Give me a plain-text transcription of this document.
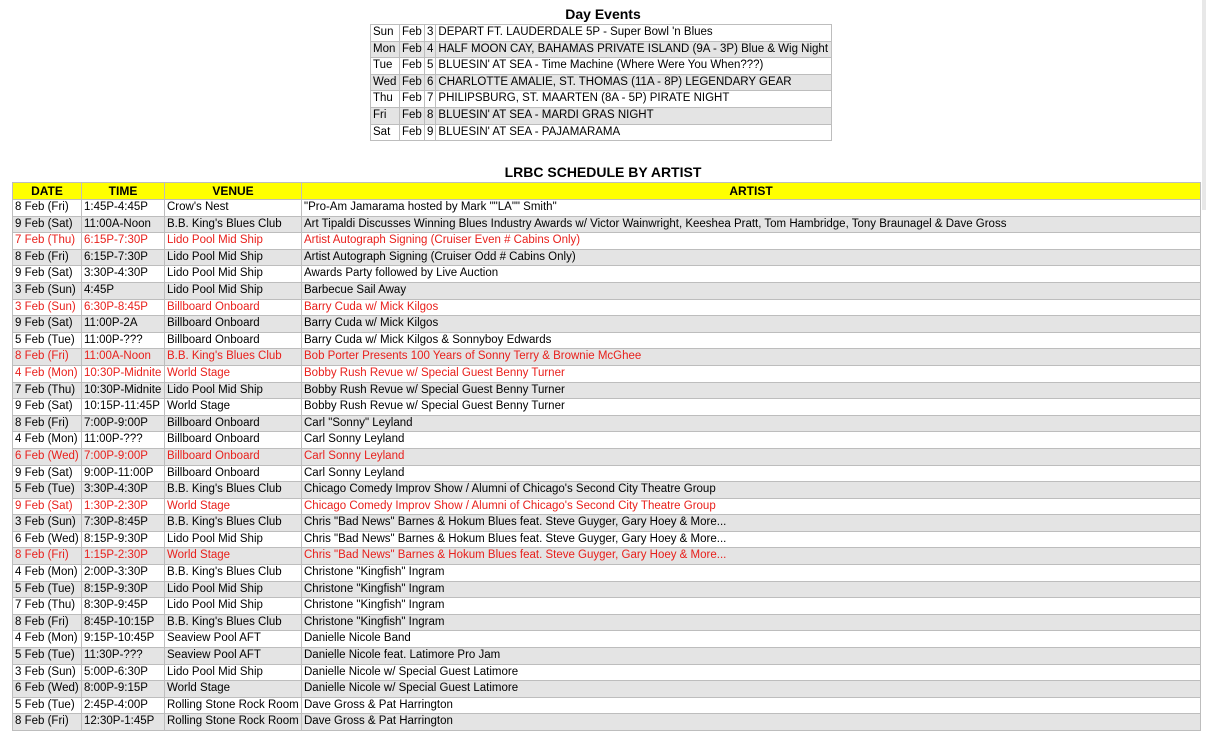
Day Events
Sun	Feb	3	DEPART FT. LAUDERDALE 5P - Super Bowl 'n Blues
Mon	Feb	4	HALF MOON CAY, BAHAMAS PRIVATE ISLAND (9A - 3P) Blue & Wig Night
Tue	Feb	5	BLUESIN' AT SEA - Time Machine (Where Were You When???)
Wed	Feb	6	CHARLOTTE AMALIE, ST. THOMAS (11A - 8P) LEGENDARY GEAR
Thu	Feb	7	PHILIPSBURG, ST. MAARTEN (8A - 5P) PIRATE NIGHT
Fri	Feb	8	BLUESIN' AT SEA - MARDI GRAS NIGHT
Sat	Feb	9	BLUESIN' AT SEA - PAJAMARAMA
LRBC SCHEDULE BY ARTIST
DATE	TIME	VENUE	ARTIST
8 Feb (Fri)	1:45P-4:45P	Crow's Nest	"Pro-Am Jamarama hosted by Mark ""LA"" Smith"
9 Feb (Sat)	11:00A-Noon	B.B. King's Blues Club	Art Tipaldi Discusses Winning Blues Industry Awards w/ Victor Wainwright, Keeshea Pratt, Tom Hambridge, Tony Braunagel & Dave Gross
7 Feb (Thu)	6:15P-7:30P	Lido Pool Mid Ship	Artist Autograph Signing (Cruiser Even # Cabins Only)
8 Feb (Fri)	6:15P-7:30P	Lido Pool Mid Ship	Artist Autograph Signing (Cruiser Odd # Cabins Only)
9 Feb (Sat)	3:30P-4:30P	Lido Pool Mid Ship	Awards Party followed by Live Auction
3 Feb (Sun)	4:45P	Lido Pool Mid Ship	Barbecue Sail Away
3 Feb (Sun)	6:30P-8:45P	Billboard Onboard	Barry Cuda w/ Mick Kilgos
9 Feb (Sat)	11:00P-2A	Billboard Onboard	Barry Cuda w/ Mick Kilgos
5 Feb (Tue)	11:00P-???	Billboard Onboard	Barry Cuda w/ Mick Kilgos & Sonnyboy Edwards
8 Feb (Fri)	11:00A-Noon	B.B. King's Blues Club	Bob Porter Presents 100 Years of Sonny Terry & Brownie McGhee
4 Feb (Mon)	10:30P-Midnite	World Stage	Bobby Rush Revue w/ Special Guest Benny Turner
7 Feb (Thu)	10:30P-Midnite	Lido Pool Mid Ship	Bobby Rush Revue w/ Special Guest Benny Turner
9 Feb (Sat)	10:15P-11:45P	World Stage	Bobby Rush Revue w/ Special Guest Benny Turner
8 Feb (Fri)	7:00P-9:00P	Billboard Onboard	Carl "Sonny" Leyland
4 Feb (Mon)	11:00P-???	Billboard Onboard	Carl Sonny Leyland
6 Feb (Wed)	7:00P-9:00P	Billboard Onboard	Carl Sonny Leyland
9 Feb (Sat)	9:00P-11:00P	Billboard Onboard	Carl Sonny Leyland
5 Feb (Tue)	3:30P-4:30P	B.B. King's Blues Club	Chicago Comedy Improv Show / Alumni of Chicago's Second City Theatre Group
9 Feb (Sat)	1:30P-2:30P	World Stage	Chicago Comedy Improv Show / Alumni of Chicago's Second City Theatre Group
3 Feb (Sun)	7:30P-8:45P	B.B. King's Blues Club	Chris "Bad News" Barnes & Hokum Blues feat. Steve Guyger, Gary Hoey & More...
6 Feb (Wed)	8:15P-9:30P	Lido Pool Mid Ship	Chris "Bad News" Barnes & Hokum Blues feat. Steve Guyger, Gary Hoey & More...
8 Feb (Fri)	1:15P-2:30P	World Stage	Chris "Bad News" Barnes & Hokum Blues feat. Steve Guyger, Gary Hoey & More...
4 Feb (Mon)	2:00P-3:30P	B.B. King's Blues Club	Christone "Kingfish" Ingram
5 Feb (Tue)	8:15P-9:30P	Lido Pool Mid Ship	Christone "Kingfish" Ingram
7 Feb (Thu)	8:30P-9:45P	Lido Pool Mid Ship	Christone "Kingfish" Ingram
8 Feb (Fri)	8:45P-10:15P	B.B. King's Blues Club	Christone "Kingfish" Ingram
4 Feb (Mon)	9:15P-10:45P	Seaview Pool AFT	Danielle Nicole Band
5 Feb (Tue)	11:30P-???	Seaview Pool AFT	Danielle Nicole feat. Latimore Pro Jam
3 Feb (Sun)	5:00P-6:30P	Lido Pool Mid Ship	Danielle Nicole w/ Special Guest Latimore
6 Feb (Wed)	8:00P-9:15P	World Stage	Danielle Nicole w/ Special Guest Latimore
5 Feb (Tue)	2:45P-4:00P	Rolling Stone Rock Room	Dave Gross & Pat Harrington
8 Feb (Fri)	12:30P-1:45P	Rolling Stone Rock Room	Dave Gross & Pat Harrington
